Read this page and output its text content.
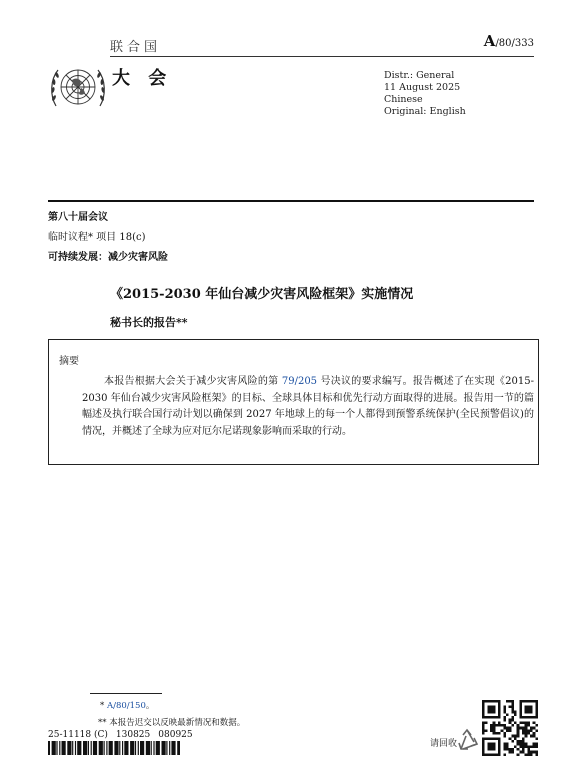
联合国	A/80/333
大 会	Distr.: General
11 August 2025
Chinese
Original: English
第八十届会议
临时议程* 项目 18(c)
可持续发展：减少灾害风险
《2015-2030 年仙台减少灾害风险框架》实施情况
秘书长的报告**
摘要
本报告根据大会关于减少灾害风险的第 79/205 号决议的要求编写。报告概述了在实现《2015-2030 年仙台减少灾害风险框架》的目标、全球具体目标和优先行动方面取得的进展。报告用一节的篇幅述及执行联合国行动计划以确保到 2027 年地球上的每一个人都得到预警系统保护(全民预警倡议)的情况，并概述了全球为应对厄尔尼诺现象影响而采取的行动。
* A/80/150。
** 本报告迟交以反映最新情况和数据。
25-11118 (C) 130825 080925
请回收
